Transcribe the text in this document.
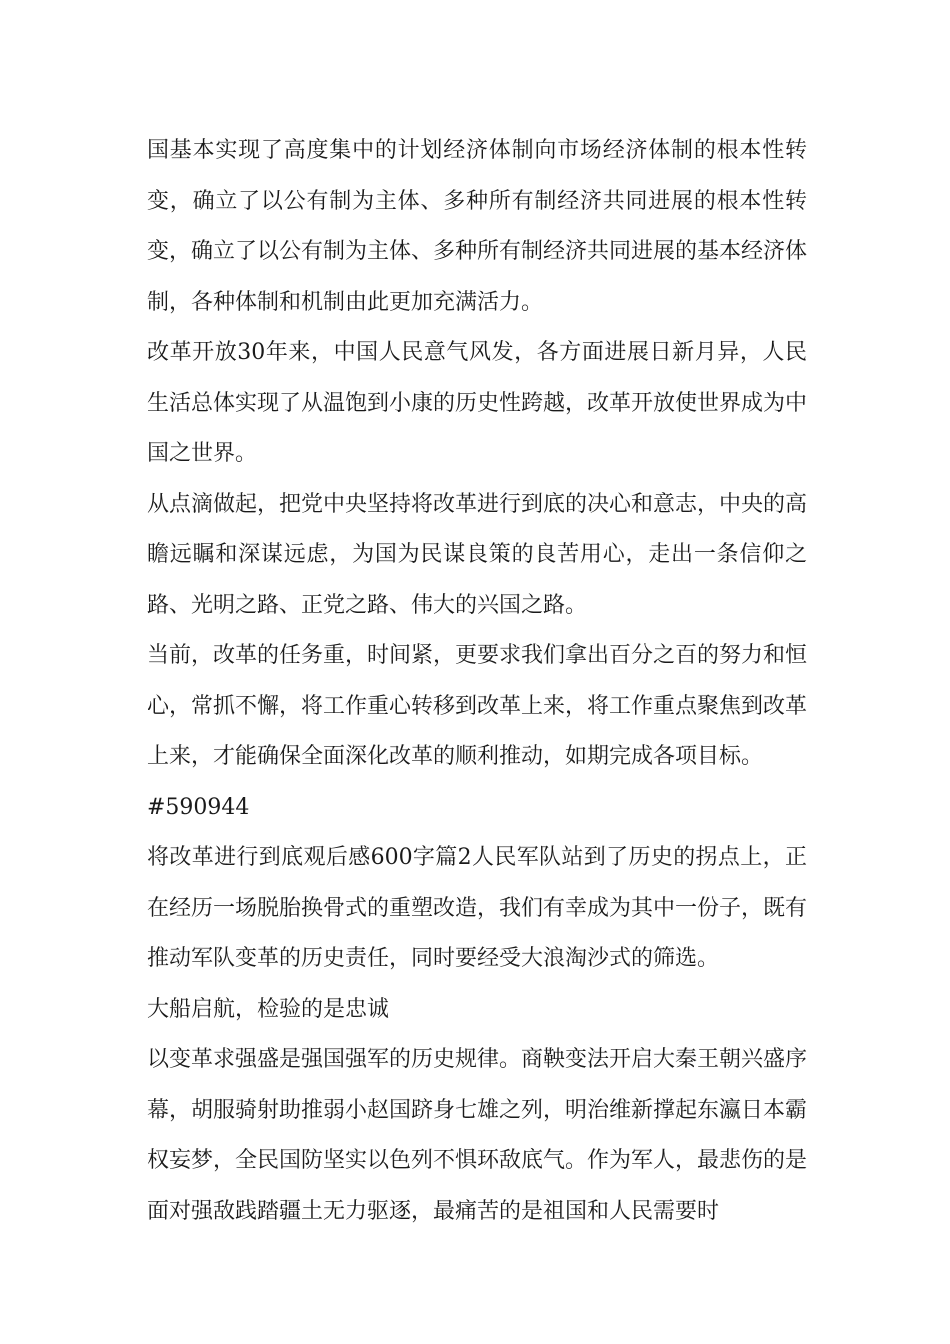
国基本实现了高度集中的计划经济体制向市场经济体制的根本性转变，确立了以公有制为主体、多种所有制经济共同进展的根本性转变，确立了以公有制为主体、多种所有制经济共同进展的基本经济体制，各种体制和机制由此更加充满活力。

改革开放30年来，中国人民意气风发，各方面进展日新月异，人民生活总体实现了从温饱到小康的历史性跨越，改革开放使世界成为中国之世界。

从点滴做起，把党中央坚持将改革进行到底的决心和意志，中央的高瞻远瞩和深谋远虑，为国为民谋良策的良苦用心，走出一条信仰之路、光明之路、正党之路、伟大的兴国之路。

当前，改革的任务重，时间紧，更要求我们拿出百分之百的努力和恒心，常抓不懈，将工作重心转移到改革上来，将工作重点聚焦到改革上来，才能确保全面深化改革的顺利推动，如期完成各项目标。

#590944

将改革进行到底观后感600字篇2人民军队站到了历史的拐点上，正在经历一场脱胎换骨式的重塑改造，我们有幸成为其中一份子，既有推动军队变革的历史责任，同时要经受大浪淘沙式的筛选。

大船启航，检验的是忠诚

以变革求强盛是强国强军的历史规律。商鞅变法开启大秦王朝兴盛序幕，胡服骑射助推弱小赵国跻身七雄之列，明治维新撑起东瀛日本霸权妄梦，全民国防坚实以色列不惧环敌底气。作为军人，最悲伤的是面对强敌践踏疆土无力驱逐，最痛苦的是祖国和人民需要时
